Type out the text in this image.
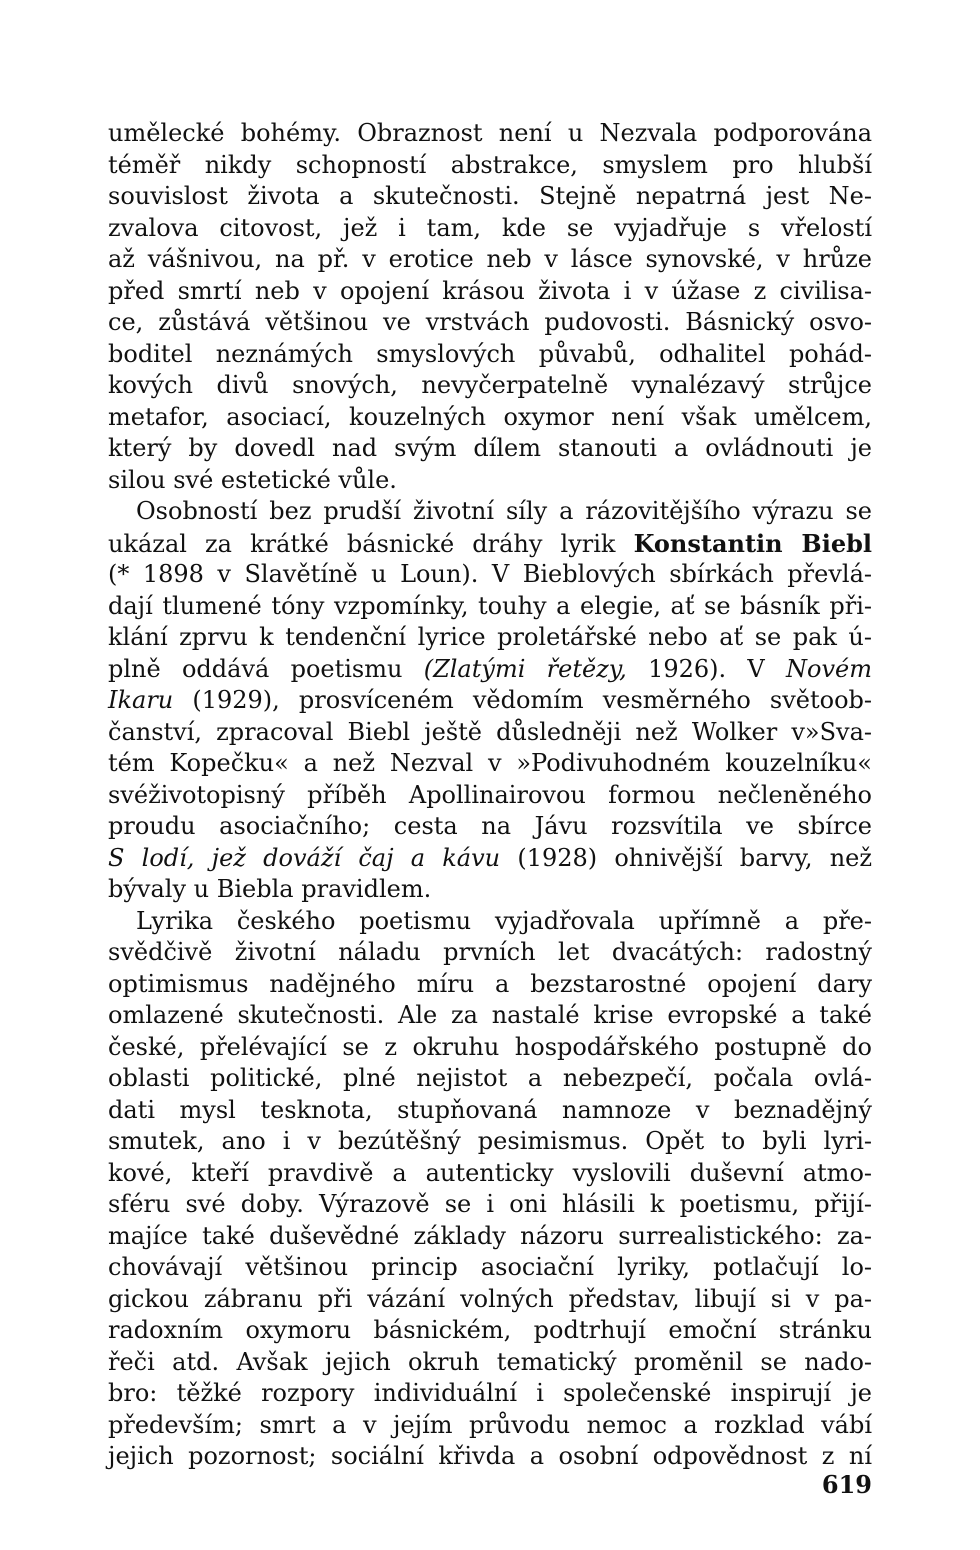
umělecké bohémy. Obraznost není u Nezvala podporována
téměř nikdy schopností abstrakce, smyslem pro hlubší
souvislost života a skutečnosti. Stejně nepatrná jest Ne-
zvalova citovost, jež i tam, kde se vyjadřuje s vřelostí
až vášnivou, na př. v erotice neb v lásce synovské, v hrůze
před smrtí neb v opojení krásou života i v úžase z civilisa-
ce, zůstává většinou ve vrstvách pudovosti. Básnický osvo-
boditel neznámých smyslových půvabů, odhalitel pohád-
kových divů snových, nevyčerpatelně vynalézavý strůjce
metafor, asociací, kouzelných oxymor není však umělcem,
který by dovedl nad svým dílem stanouti a ovládnouti je
silou své estetické vůle.
Osobností bez prudší životní síly a rázovitějšího výrazu se
ukázal za krátké básnické dráhy lyrik Konstantin Biebl
(* 1898 v Slavětíně u Loun). V Bieblových sbírkách převlá-
dají tlumené tóny vzpomínky, touhy a elegie, ať se básník při-
klání zprvu k tendenční lyrice proletářské nebo ať se pak ú-
plně oddává poetismu (Zlatými řetězy, 1926). V Novém
Ikaru (1929), prosvíceném vědomím vesměrného světoob-
čanství, zpracoval Biebl ještě důsledněji než Wolker v»Sva-
tém Kopečku« a než Nezval v »Podivuhodném kouzelníku«
svéživotopisný příběh Apollinairovou formou nečleněného
proudu asociačního; cesta na Jávu rozsvítila ve sbírce
S lodí, jež dováží čaj a kávu (1928) ohnivější barvy, než
bývaly u Biebla pravidlem.
Lyrika českého poetismu vyjadřovala upřímně a pře-
svědčivě životní náladu prvních let dvacátých: radostný
optimismus nadějného míru a bezstarostné opojení dary
omlazené skutečnosti. Ale za nastalé krise evropské a také
české, přelévající se z okruhu hospodářského postupně do
oblasti politické, plné nejistot a nebezpečí, počala ovlá-
dati mysl tesknota, stupňovaná namnoze v beznadějný
smutek, ano i v bezútěšný pesimismus. Opět to byli lyri-
kové, kteří pravdivě a autenticky vyslovili duševní atmo-
sféru své doby. Výrazově se i oni hlásili k poetismu, přijí-
majíce také duševědné základy názoru surrealistického: za-
chovávají většinou princip asociační lyriky, potlačují lo-
gickou zábranu při vázání volných představ, libují si v pa-
radoxním oxymoru básnickém, podtrhují emoční stránku
řeči atd. Avšak jejich okruh tematický proměnil se nado-
bro: těžké rozpory individuální i společenské inspirují je
především; smrt a v jejím průvodu nemoc a rozklad vábí
jejich pozornost; sociální křivda a osobní odpovědnost z ní
619
